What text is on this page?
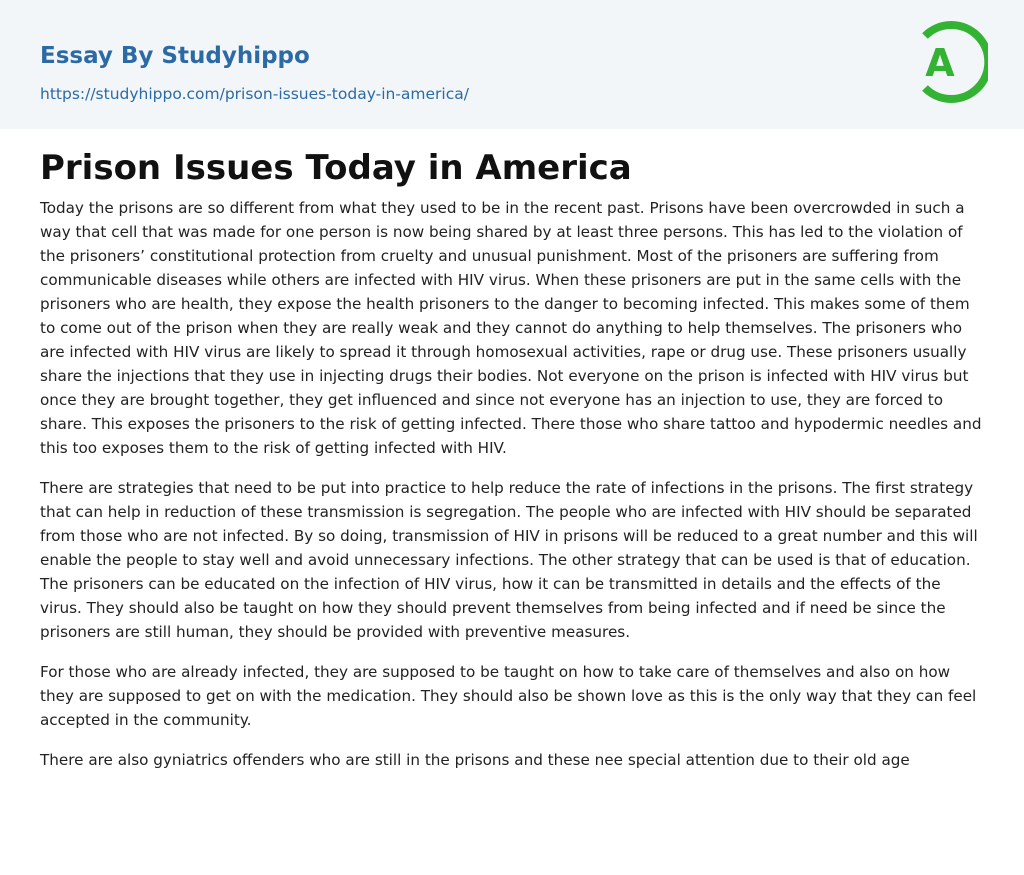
Essay By Studyhippo
https://studyhippo.com/prison-issues-today-in-america/
A
Prison Issues Today in America

Today the prisons are so different from what they used to be in the recent past. Prisons have been overcrowded in such a way that cell that was made for one person is now being shared by at least three persons. This has led to the violation of the prisoners’ constitutional protection from cruelty and unusual punishment. Most of the prisoners are suffering from communicable diseases while others are infected with HIV virus. When these prisoners are put in the same cells with the prisoners who are health, they expose the health prisoners to the danger to becoming infected. This makes some of them to come out of the prison when they are really weak and they cannot do anything to help themselves. The prisoners who are infected with HIV virus are likely to spread it through homosexual activities, rape or drug use. These prisoners usually share the injections that they use in injecting drugs their bodies. Not everyone on the prison is infected with HIV virus but once they are brought together, they get influenced and since not everyone has an injection to use, they are forced to share. This exposes the prisoners to the risk of getting infected. There those who share tattoo and hypodermic needles and this too exposes them to the risk of getting infected with HIV.

There are strategies that need to be put into practice to help reduce the rate of infections in the prisons. The first strategy that can help in reduction of these transmission is segregation. The people who are infected with HIV should be separated from those who are not infected. By so doing, transmission of HIV in prisons will be reduced to a great number and this will enable the people to stay well and avoid unnecessary infections. The other strategy that can be used is that of education. The prisoners can be educated on the infection of HIV virus, how it can be transmitted in details and the effects of the virus. They should also be taught on how they should prevent themselves from being infected and if need be since the prisoners are still human, they should be provided with preventive measures.

For those who are already infected, they are supposed to be taught on how to take care of themselves and also on how they are supposed to get on with the medication. They should also be shown love as this is the only way that they can feel accepted in the community.

There are also gyniatrics offenders who are still in the prisons and these nee special attention due to their old age
